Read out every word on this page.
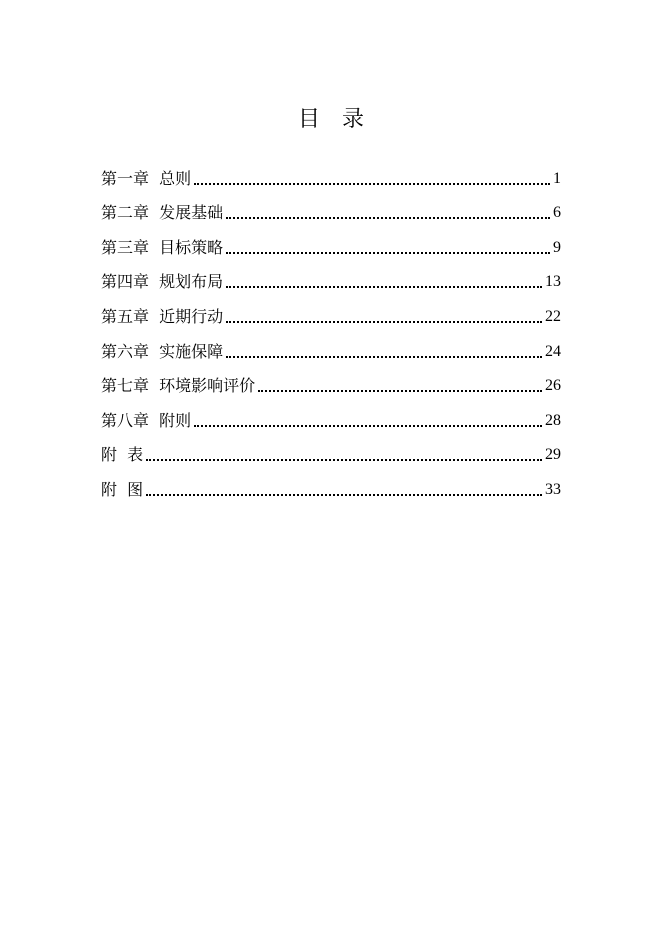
目 录
第一章  总则	1
第二章  发展基础	6
第三章  目标策略	9
第四章  规划布局	13
第五章  近期行动	22
第六章  实施保障	24
第七章  环境影响评价	26
第八章  附则	28
附  表	29
附  图	33
